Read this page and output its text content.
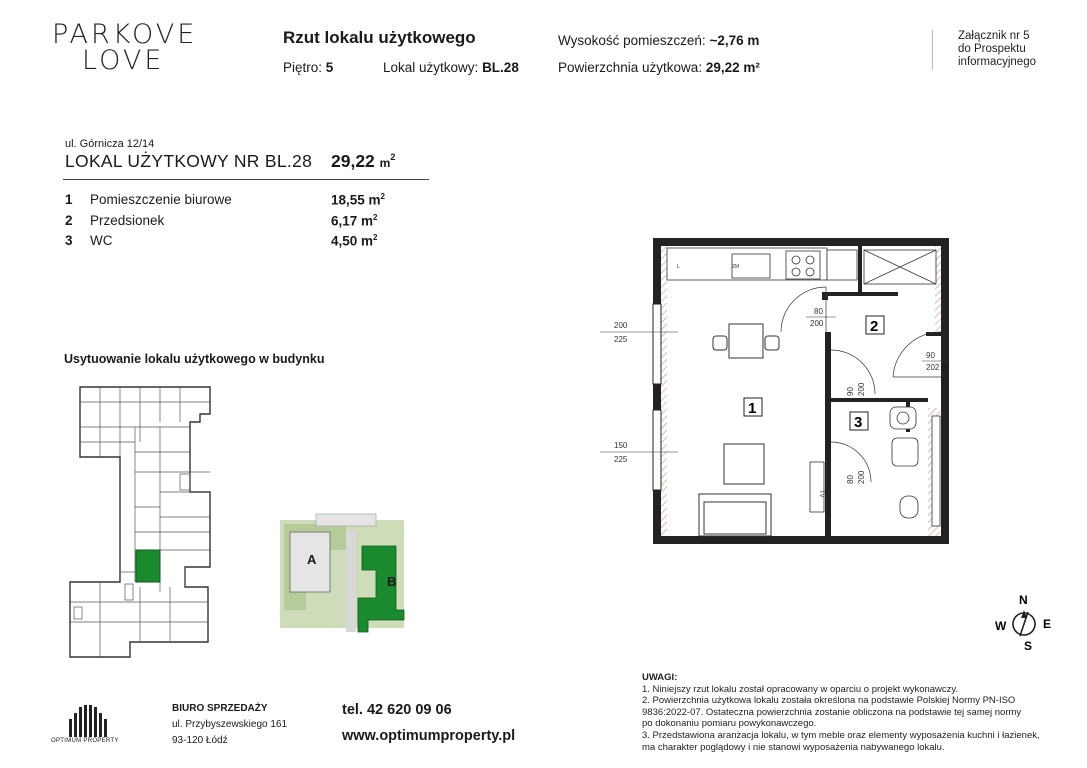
PARKOVE
LOVE
Rzut lokalu użytkowego
Piętro: 5	Lokal użytkowy: BL.28
Wysokość pomieszczeń: ~2,76 m
Powierzchnia użytkowa: 29,22 m²
Załącznik nr 5
do Prospektu
informacyjnego
ul. Górnicza 12/14
LOKAL UŻYTKOWY NR BL.28 29,22 $m^2$
1 Pomieszczenie biurowe	18,55 $m^2$
2 Przedsionek	6,17 $m^2$
3 WC	4,50 $m^2$
Usytuowanie lokalu użytkowego w budynku
A
B
L	ZM
TV
1
2
3
200
225
150
225
80
200
90
202
90 200
80 200
N
E
S
W
UWAGI:
1. Niniejszy rzut lokalu został opracowany w oparciu o projekt wykonawczy.
2. Powierzchnia użytkowa lokalu została określona na podstawie Polskiej Normy PN-ISO
9836:2022-07. Ostateczna powierzchnia zostanie obliczona na podstawie tej samej normy
po dokonaniu pomiaru powykonawczego.
3. Przedstawiona aranżacja lokalu, w tym meble oraz elementy wyposażenia kuchni i łazienek,
ma charakter poglądowy i nie stanowi wyposażenia nabywanego lokalu.
OPTIMUM PROPERTY
BIURO SPRZEDAŻY
ul. Przybyszewskiego 161
93-120 Łódź
tel. 42 620 09 06
www.optimumproperty.pl
